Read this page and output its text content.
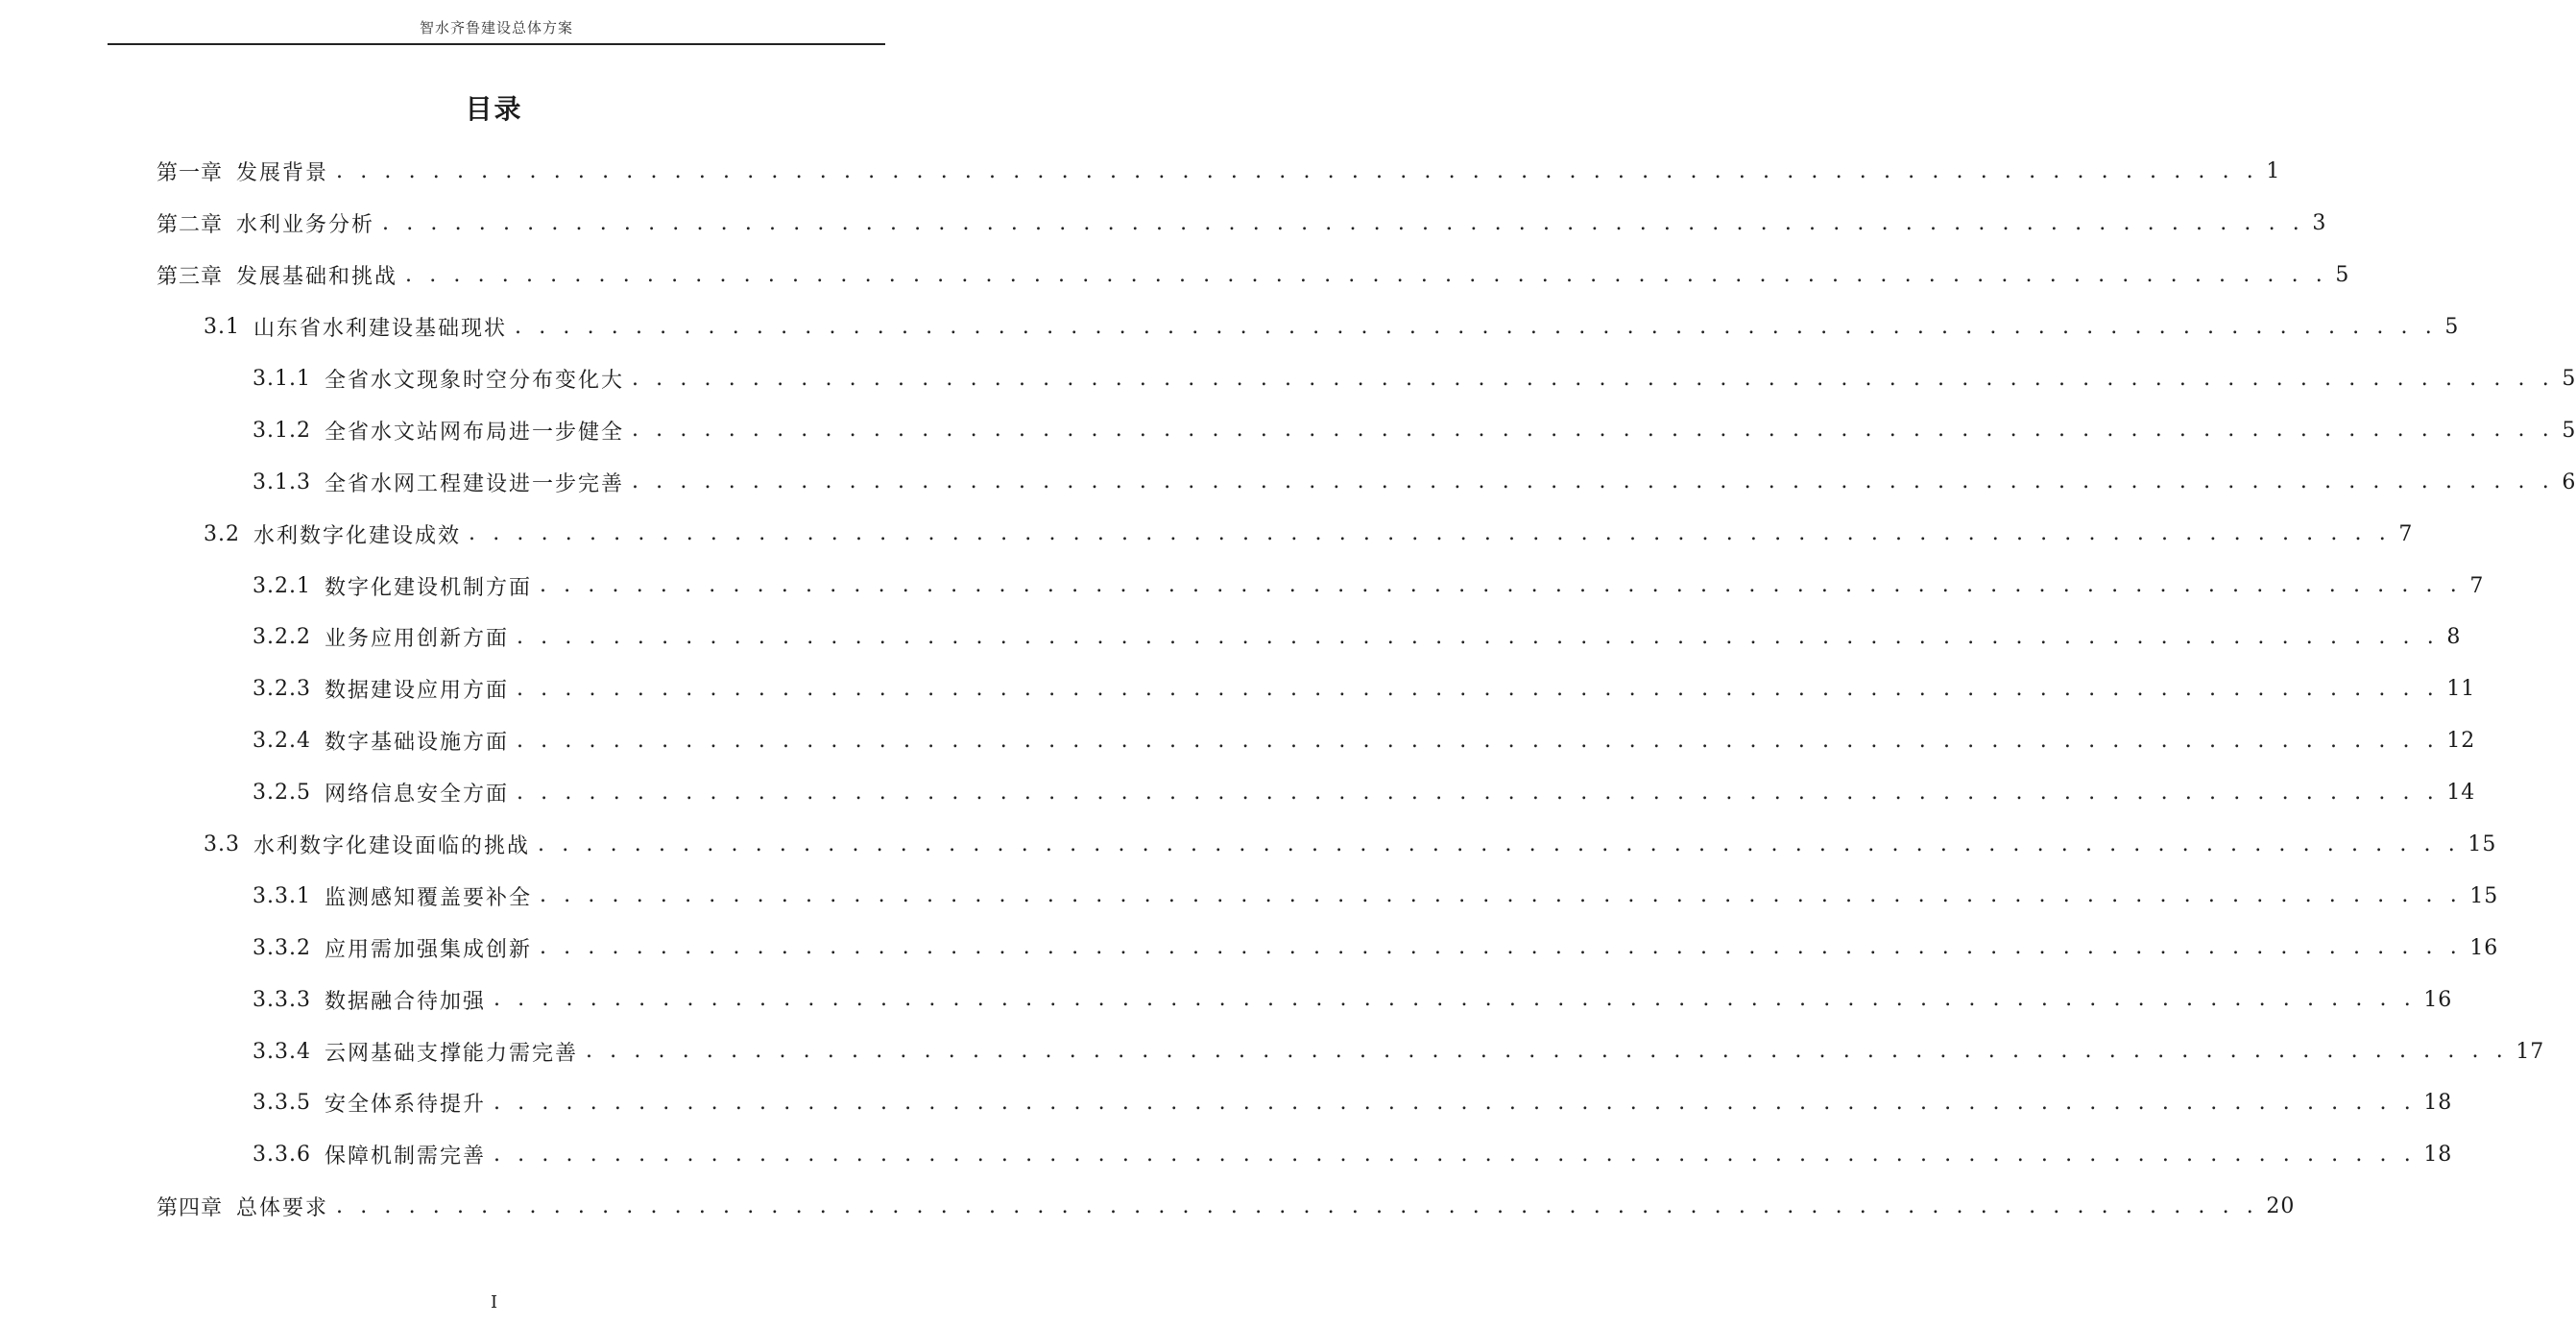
智水齐鲁建设总体方案
目录
第一章 发展背景 . . . . . . . . . . . . . . . . . . . . . . . . . . . . . . . . . . . . . . . . . . . . . . . . . . . . . . . . . . . . . . . . . . . . . . . . . . . . . . . . 1
第二章 水利业务分析 . . . . . . . . . . . . . . . . . . . . . . . . . . . . . . . . . . . . . . . . . . . . . . . . . . . . . . . . . . . . . . . . . . . . . . . . . . . . . . . . 3
第三章 发展基础和挑战 . . . . . . . . . . . . . . . . . . . . . . . . . . . . . . . . . . . . . . . . . . . . . . . . . . . . . . . . . . . . . . . . . . . . . . . . . . . . . . . . 5
3.1 山东省水利建设基础现状 . . . . . . . . . . . . . . . . . . . . . . . . . . . . . . . . . . . . . . . . . . . . . . . . . . . . . . . . . . . . . . . . . . . . . . . . . . . . . . . . 5
3.1.1 全省水文现象时空分布变化大 . . . . . . . . . . . . . . . . . . . . . . . . . . . . . . . . . . . . . . . . . . . . . . . . . . . . . . . . . . . . . . . . . . . . . . . . . . . . . . . . 5
3.1.2 全省水文站网布局进一步健全 . . . . . . . . . . . . . . . . . . . . . . . . . . . . . . . . . . . . . . . . . . . . . . . . . . . . . . . . . . . . . . . . . . . . . . . . . . . . . . . . 5
3.1.3 全省水网工程建设进一步完善 . . . . . . . . . . . . . . . . . . . . . . . . . . . . . . . . . . . . . . . . . . . . . . . . . . . . . . . . . . . . . . . . . . . . . . . . . . . . . . . . 6
3.2 水利数字化建设成效 . . . . . . . . . . . . . . . . . . . . . . . . . . . . . . . . . . . . . . . . . . . . . . . . . . . . . . . . . . . . . . . . . . . . . . . . . . . . . . . . 7
3.2.1 数字化建设机制方面 . . . . . . . . . . . . . . . . . . . . . . . . . . . . . . . . . . . . . . . . . . . . . . . . . . . . . . . . . . . . . . . . . . . . . . . . . . . . . . . . 7
3.2.2 业务应用创新方面 . . . . . . . . . . . . . . . . . . . . . . . . . . . . . . . . . . . . . . . . . . . . . . . . . . . . . . . . . . . . . . . . . . . . . . . . . . . . . . . . 8
3.2.3 数据建设应用方面 . . . . . . . . . . . . . . . . . . . . . . . . . . . . . . . . . . . . . . . . . . . . . . . . . . . . . . . . . . . . . . . . . . . . . . . . . . . . . . . . 11
3.2.4 数字基础设施方面 . . . . . . . . . . . . . . . . . . . . . . . . . . . . . . . . . . . . . . . . . . . . . . . . . . . . . . . . . . . . . . . . . . . . . . . . . . . . . . . . 12
3.2.5 网络信息安全方面 . . . . . . . . . . . . . . . . . . . . . . . . . . . . . . . . . . . . . . . . . . . . . . . . . . . . . . . . . . . . . . . . . . . . . . . . . . . . . . . . 14
3.3 水利数字化建设面临的挑战 . . . . . . . . . . . . . . . . . . . . . . . . . . . . . . . . . . . . . . . . . . . . . . . . . . . . . . . . . . . . . . . . . . . . . . . . . . . . . . . . 15
3.3.1 监测感知覆盖要补全 . . . . . . . . . . . . . . . . . . . . . . . . . . . . . . . . . . . . . . . . . . . . . . . . . . . . . . . . . . . . . . . . . . . . . . . . . . . . . . . . 15
3.3.2 应用需加强集成创新 . . . . . . . . . . . . . . . . . . . . . . . . . . . . . . . . . . . . . . . . . . . . . . . . . . . . . . . . . . . . . . . . . . . . . . . . . . . . . . . . 16
3.3.3 数据融合待加强 . . . . . . . . . . . . . . . . . . . . . . . . . . . . . . . . . . . . . . . . . . . . . . . . . . . . . . . . . . . . . . . . . . . . . . . . . . . . . . . . 16
3.3.4 云网基础支撑能力需完善 . . . . . . . . . . . . . . . . . . . . . . . . . . . . . . . . . . . . . . . . . . . . . . . . . . . . . . . . . . . . . . . . . . . . . . . . . . . . . . . . 17
3.3.5 安全体系待提升 . . . . . . . . . . . . . . . . . . . . . . . . . . . . . . . . . . . . . . . . . . . . . . . . . . . . . . . . . . . . . . . . . . . . . . . . . . . . . . . . 18
3.3.6 保障机制需完善 . . . . . . . . . . . . . . . . . . . . . . . . . . . . . . . . . . . . . . . . . . . . . . . . . . . . . . . . . . . . . . . . . . . . . . . . . . . . . . . . 18
第四章 总体要求 . . . . . . . . . . . . . . . . . . . . . . . . . . . . . . . . . . . . . . . . . . . . . . . . . . . . . . . . . . . . . . . . . . . . . . . . . . . . . . . . 20
I
